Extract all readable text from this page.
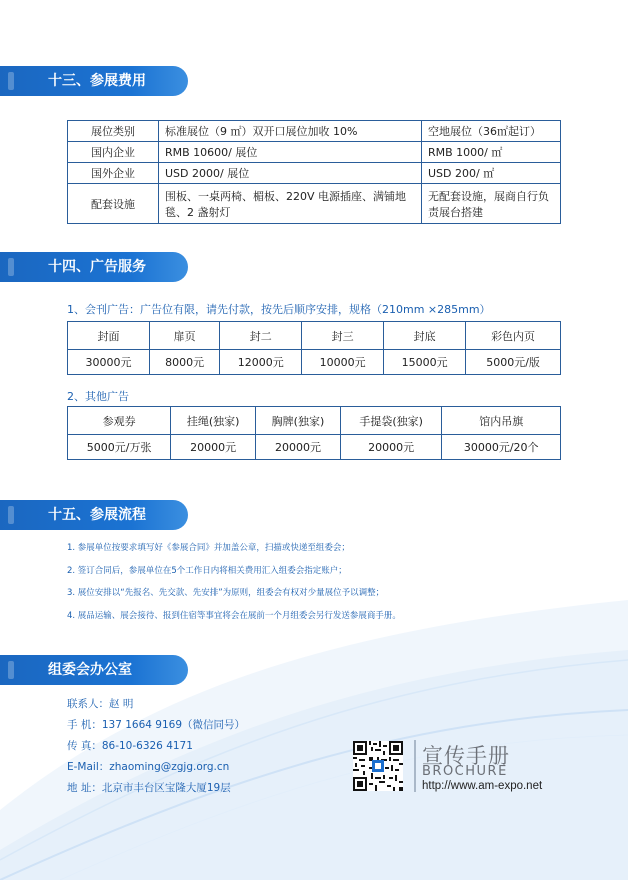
十三、参展费用
展位类别	标准展位（9 ㎡）双开口展位加收 10%	空地展位（36㎡起订）
国内企业	RMB 10600/ 展位	RMB 1000/ ㎡
国外企业	USD 2000/ 展位	USD 200/ ㎡
配套设施	围板、一桌两椅、楣板、220V 电源插座、满铺地毯、2 盏射灯	无配套设施，展商自行负责展台搭建
十四、广告服务
1、会刊广告：广告位有限，请先付款，按先后顺序安排，规格（210mm ×285mm）
封面	扉页	封二	封三	封底	彩色内页
30000元	8000元	12000元	10000元	15000元	5000元/版
2、其他广告
参观券	挂绳(独家)	胸牌(独家)	手提袋(独家)	馆内吊旗
5000元/万张	20000元	20000元	20000元	30000元/20个
十五、参展流程
1. 参展单位按要求填写好《参展合同》并加盖公章，扫描或快递至组委会；
2. 签订合同后，参展单位在5个工作日内将相关费用汇入组委会指定账户；
3. 展位安排以“先报名、先交款、先安排”为原则，组委会有权对少量展位予以调整；
4. 展品运输、展会接待、报到住宿等事宜将会在展前一个月组委会另行发送参展商手册。
组委会办公室
联系人：赵 明
手 机：137 1664 9169（微信同号）
传 真：86-10-6326 4171
E-Mail：zhaoming@zgjg.org.cn
地 址：北京市丰台区宝隆大厦19层
宣传手册
BROCHURE
http://www.am-expo.net
